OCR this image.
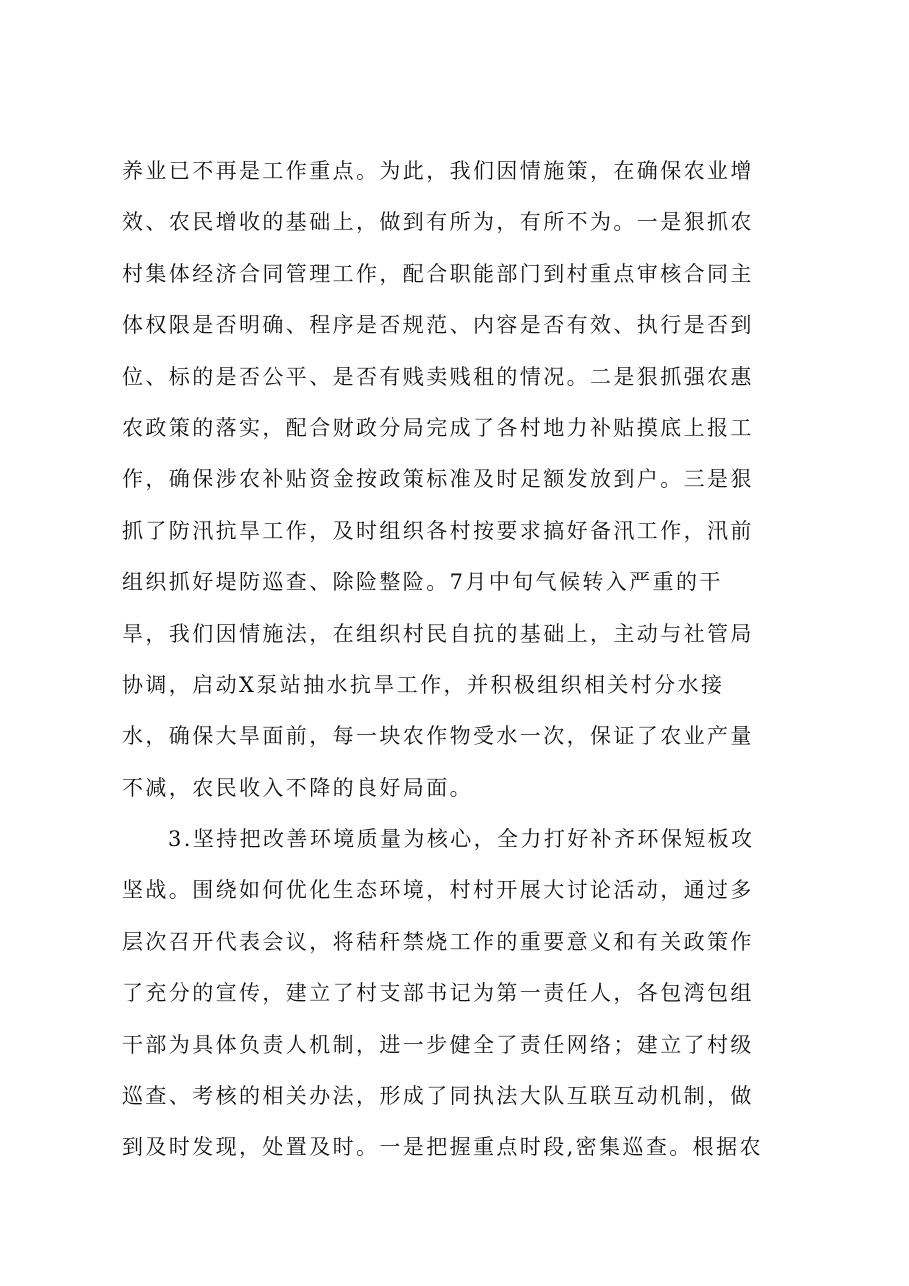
养业已不再是工作重点。为此，我们因情施策，在确保农业增
效、农民增收的基础上，做到有所为，有所不为。一是狠抓农
村集体经济合同管理工作，配合职能部门到村重点审核合同主
体权限是否明确、程序是否规范、内容是否有效、执行是否到
位、标的是否公平、是否有贱卖贱租的情况。二是狠抓强农惠
农政策的落实，配合财政分局完成了各村地力补贴摸底上报工
作，确保涉农补贴资金按政策标准及时足额发放到户。三是狠
抓了防汛抗旱工作，及时组织各村按要求搞好备汛工作，汛前
组织抓好堤防巡查、除险整险。7月中旬气候转入严重的干
旱，我们因情施法，在组织村民自抗的基础上，主动与社管局
协调，启动X泵站抽水抗旱工作，并积极组织相关村分水接
水，确保大旱面前，每一块农作物受水一次，保证了农业产量
不减，农民收入不降的良好局面。
3.坚持把改善环境质量为核心，全力打好补齐环保短板攻
坚战。围绕如何优化生态环境，村村开展大讨论活动，通过多
层次召开代表会议，将秸秆禁烧工作的重要意义和有关政策作
了充分的宣传，建立了村支部书记为第一责任人，各包湾包组
干部为具体负责人机制，进一步健全了责任网络；建立了村级
巡查、考核的相关办法，形成了同执法大队互联互动机制，做
到及时发现，处置及时。一是把握重点时段,密集巡查。根据农
